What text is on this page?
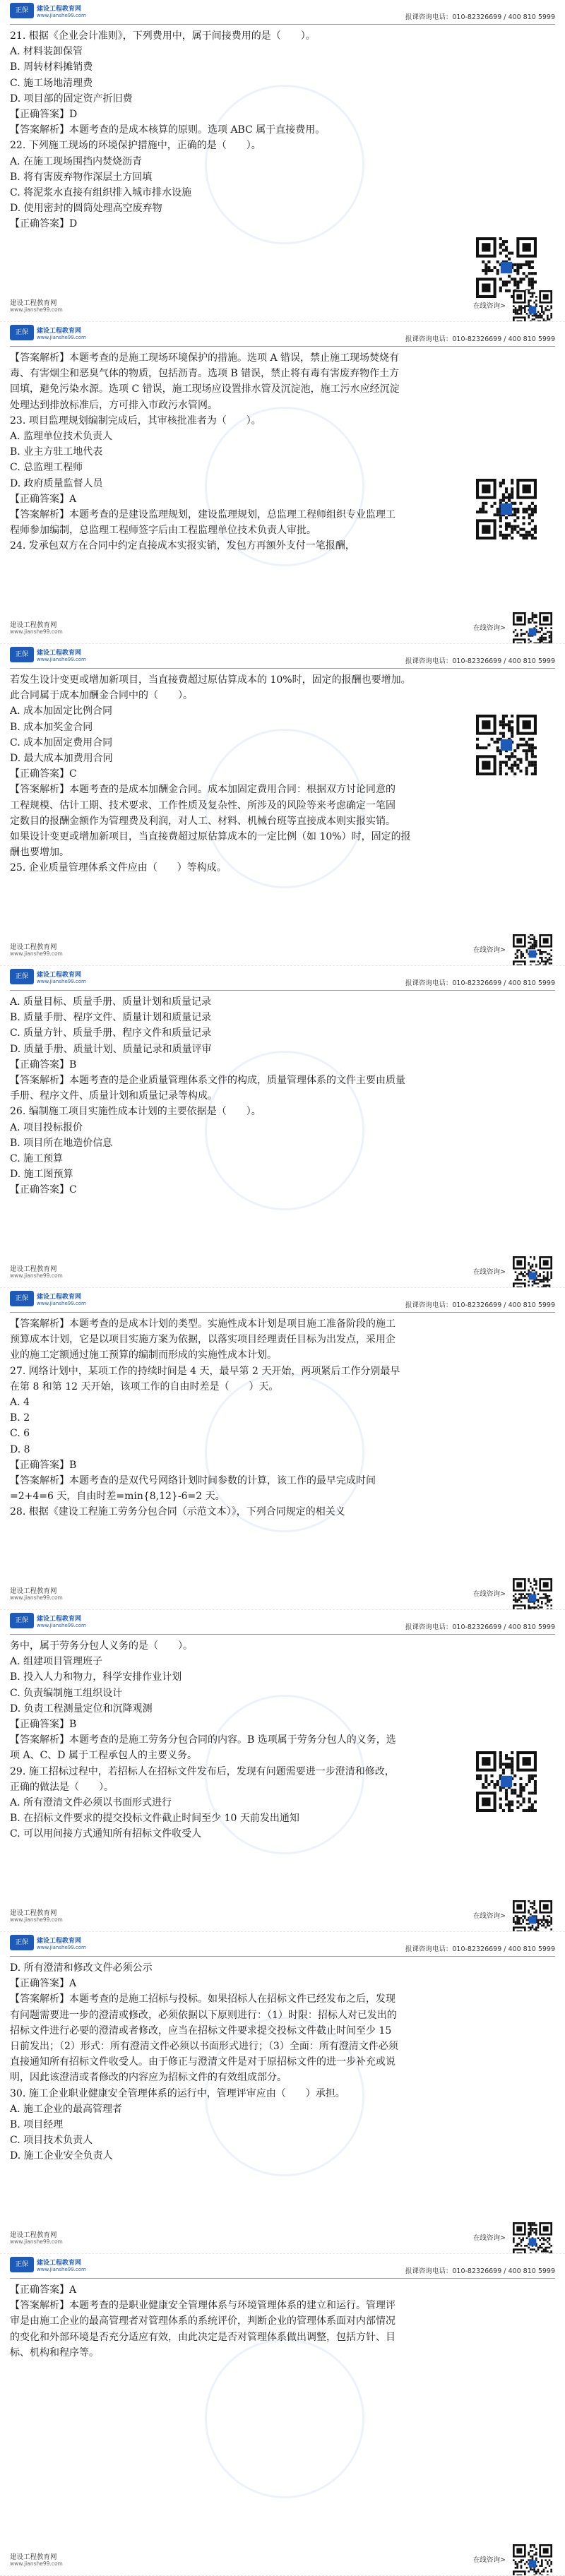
正保	建设工程教育网
www.jianshe99.com	报课咨询电话：010-82326699 / 400 810 5999
21. 根据《企业会计准则》，下列费用中，属于间接费用的是（　　）。
A. 材料装卸保管
B. 周转材料摊销费
C. 施工场地清理费
D. 项目部的固定资产折旧费
【正确答案】D
【答案解析】本题考查的是成本核算的原则。选项 ABC 属于直接费用。
22. 下列施工现场的环境保护措施中，正确的是（　　）。
A. 在施工现场围挡内焚烧沥青
B. 将有害废弃物作深层土方回填
C. 将泥浆水直接有组织排入城市排水设施
D. 使用密封的圆筒处理高空废弃物
【正确答案】D
建设工程教育网
www.jianshe99.com	在线咨询>
正保	建设工程教育网
www.jianshe99.com	报课咨询电话：010-82326699 / 400 810 5999
【答案解析】本题考查的是施工现场环境保护的措施。选项 A 错误，禁止施工现场焚烧有
毒、有害烟尘和恶臭气体的物质，包括沥青。选项 B 错误，禁止将有毒有害废弃物作土方
回填，避免污染水源。选项 C 错误，施工现场应设置排水管及沉淀池，施工污水应经沉淀
处理达到排放标准后，方可排入市政污水管网。
23. 项目监理规划编制完成后，其审核批准者为（　　）。
A. 监理单位技术负责人
B. 业主方驻工地代表
C. 总监理工程师
D. 政府质量监督人员
【正确答案】A
【答案解析】本题考查的是建设监理规划，建设监理规划，总监理工程师组织专业监理工
程师参加编制，总监理工程师签字后由工程监理单位技术负责人审批。
24. 发承包双方在合同中约定直接成本实报实销，发包方再额外支付一笔报酬，
建设工程教育网
www.jianshe99.com	在线咨询>
正保	建设工程教育网
www.jianshe99.com	报课咨询电话：010-82326699 / 400 810 5999
若发生设计变更或增加新项目，当直接费超过原估算成本的 10%时，固定的报酬也要增加。
此合同属于成本加酬金合同中的（　　）。
A. 成本加固定比例合同
B. 成本加奖金合同
C. 成本加固定费用合同
D. 最大成本加费用合同
【正确答案】C
【答案解析】本题考查的是成本加酬金合同。成本加固定费用合同：根据双方讨论同意的
工程规模、估计工期、技术要求、工作性质及复杂性、所涉及的风险等来考虑确定一笔固
定数目的报酬金额作为管理费及利润，对人工、材料、机械台班等直接成本则实报实销。
如果设计变更或增加新项目，当直接费超过原估算成本的一定比例（如 10%）时，固定的报
酬也要增加。
25. 企业质量管理体系文件应由（　　）等构成。
建设工程教育网
www.jianshe99.com	在线咨询>
正保	建设工程教育网
www.jianshe99.com	报课咨询电话：010-82326699 / 400 810 5999
A. 质量目标、质量手册、质量计划和质量记录
B. 质量手册、程序文件、质量计划和质量记录
C. 质量方针、质量手册、程序文件和质量记录
D. 质量手册、质量计划、质量记录和质量评审
【正确答案】B
【答案解析】本题考查的是企业质量管理体系文件的构成，质量管理体系的文件主要由质量
手册、程序文件、质量计划和质量记录等构成。
26. 编制施工项目实施性成本计划的主要依据是（　　）。
A. 项目投标报价
B. 项目所在地造价信息
C. 施工预算
D. 施工图预算
【正确答案】C
建设工程教育网
www.jianshe99.com	在线咨询>
正保	建设工程教育网
www.jianshe99.com	报课咨询电话：010-82326699 / 400 810 5999
【答案解析】本题考查的是成本计划的类型。实施性成本计划是项目施工准备阶段的施工
预算成本计划，它是以项目实施方案为依据，以落实项目经理责任目标为出发点，采用企
业的施工定额通过施工预算的编制而形成的实施性成本计划。
27. 网络计划中，某项工作的持续时间是 4 天，最早第 2 天开始，两项紧后工作分别最早
在第 8 和第 12 天开始，该项工作的自由时差是（　　）天。
A. 4
B. 2
C. 6
D. 8
【正确答案】B
【答案解析】本题考查的是双代号网络计划时间参数的计算，该工作的最早完成时间
=2+4=6 天，自由时差=min{8,12}-6=2 天。
28. 根据《建设工程施工劳务分包合同（示范文本）》，下列合同规定的相关义
建设工程教育网
www.jianshe99.com	在线咨询>
正保	建设工程教育网
www.jianshe99.com	报课咨询电话：010-82326699 / 400 810 5999
务中，属于劳务分包人义务的是（　　）。
A. 组建项目管理班子
B. 投入人力和物力，科学安排作业计划
C. 负责编制施工组织设计
D. 负责工程测量定位和沉降观测
【正确答案】B
【答案解析】本题考查的是施工劳务分包合同的内容。B 选项属于劳务分包人的义务，选
项 A、C、D 属于工程承包人的主要义务。
29. 施工招标过程中，若招标人在招标文件发布后，发现有问题需要进一步澄清和修改，
正确的做法是（　　）。
A. 所有澄清文件必须以书面形式进行
B. 在招标文件要求的提交投标文件截止时间至少 10 天前发出通知
C. 可以用间接方式通知所有招标文件收受人
建设工程教育网
www.jianshe99.com	在线咨询>
正保	建设工程教育网
www.jianshe99.com	报课咨询电话：010-82326699 / 400 810 5999
D. 所有澄清和修改文件必须公示
【正确答案】A
【答案解析】本题考查的是施工招标与投标。如果招标人在招标文件已经发布之后，发现
有问题需要进一步的澄清或修改，必须依据以下原则进行：（1）时限：招标人对已发出的
招标文件进行必要的澄清或者修改，应当在招标文件要求提交投标文件截止时间至少 15
日前发出；（2）形式：所有澄清文件必须以书面形式进行；（3）全面：所有澄清文件必须
直接通知所有招标文件收受人。由于修正与澄清文件是对于原招标文件的进一步补充或说
明，因此该澄清或者修改的内容应为招标文件的有效组成部分。
30. 施工企业职业健康安全管理体系的运行中，管理评审应由（　　）承担。
A. 施工企业的最高管理者
B. 项目经理
C. 项目技术负责人
D. 施工企业安全负责人
建设工程教育网
www.jianshe99.com	在线咨询>
正保	建设工程教育网
www.jianshe99.com	报课咨询电话：010-82326699 / 400 810 5999
【正确答案】A
【答案解析】本题考查的是职业健康安全管理体系与环境管理体系的建立和运行。管理评
审是由施工企业的最高管理者对管理体系的系统评价，判断企业的管理体系面对内部情况
的变化和外部环境是否充分适应有效，由此决定是否对管理体系做出调整，包括方针、目
标、机构和程序等。
建设工程教育网
www.jianshe99.com	在线咨询>
